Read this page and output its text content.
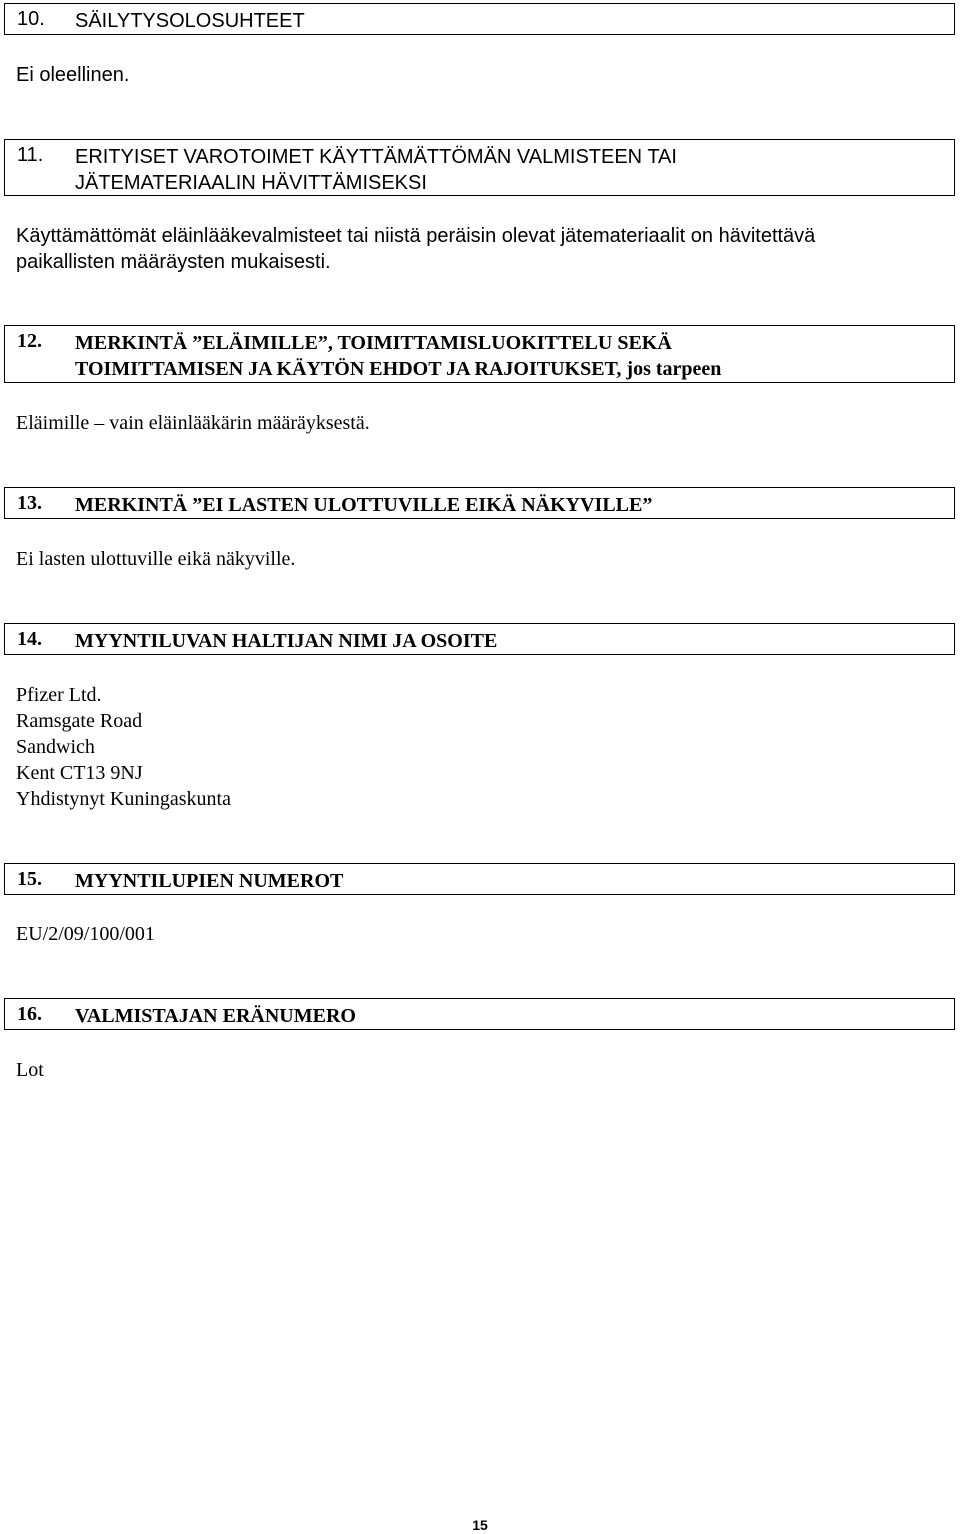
10. SÄILYTYSOLOSUHTEET
Ei oleellinen.
11. ERITYISET VAROTOIMET KÄYTTÄMÄTTÖMÄN VALMISTEEN TAI
JÄTEMATERIAALIN HÄVITTÄMISEKSI
Käyttämättömät eläinlääkevalmisteet tai niistä peräisin olevat jätemateriaalit on hävitettävä
paikallisten määräysten mukaisesti.
12. MERKINTÄ ”ELÄIMILLE”, TOIMITTAMISLUOKITTELU SEKÄ
TOIMITTAMISEN JA KÄYTÖN EHDOT JA RAJOITUKSET, jos tarpeen
Eläimille – vain eläinlääkärin määräyksestä.
13. MERKINTÄ ”EI LASTEN ULOTTUVILLE EIKÄ NÄKYVILLE”
Ei lasten ulottuville eikä näkyville.
14. MYYNTILUVAN HALTIJAN NIMI JA OSOITE
Pfizer Ltd.
Ramsgate Road
Sandwich
Kent CT13 9NJ
Yhdistynyt Kuningaskunta
15. MYYNTILUPIEN NUMEROT
EU/2/09/100/001
16. VALMISTAJAN ERÄNUMERO
Lot
15
